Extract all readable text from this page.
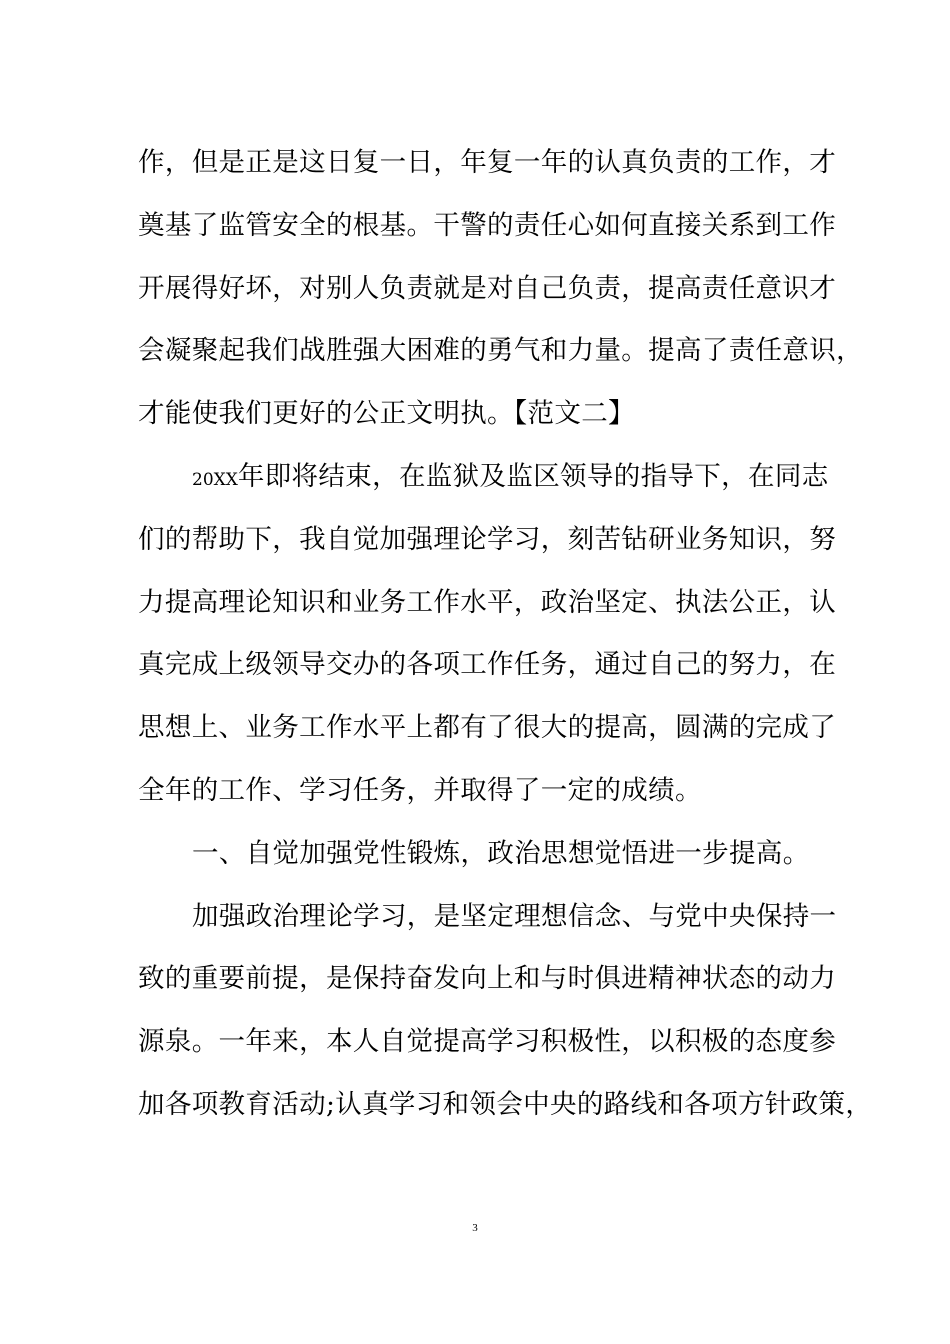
作，但是正是这日复一日，年复一年的认真负责的工作，才
奠基了监管安全的根基。干警的责任心如何直接关系到工作
开展得好坏，对别人负责就是对自己负责，提高责任意识才
会凝聚起我们战胜强大困难的勇气和力量。提高了责任意识，
才能使我们更好的公正文明执。【范文二】
20XX年即将结束，在监狱及监区领导的指导下，在同志
们的帮助下，我自觉加强理论学习，刻苦钻研业务知识，努
力提高理论知识和业务工作水平，政治坚定、执法公正，认
真完成上级领导交办的各项工作任务，通过自己的努力，在
思想上、业务工作水平上都有了很大的提高，圆满的完成了
全年的工作、学习任务，并取得了一定的成绩。
一、自觉加强党性锻炼，政治思想觉悟进一步提高。
加强政治理论学习，是坚定理想信念、与党中央保持一
致的重要前提，是保持奋发向上和与时俱进精神状态的动力
源泉。一年来，本人自觉提高学习积极性，以积极的态度参
加各项教育活动;认真学习和领会中央的路线和各项方针政策，
3
